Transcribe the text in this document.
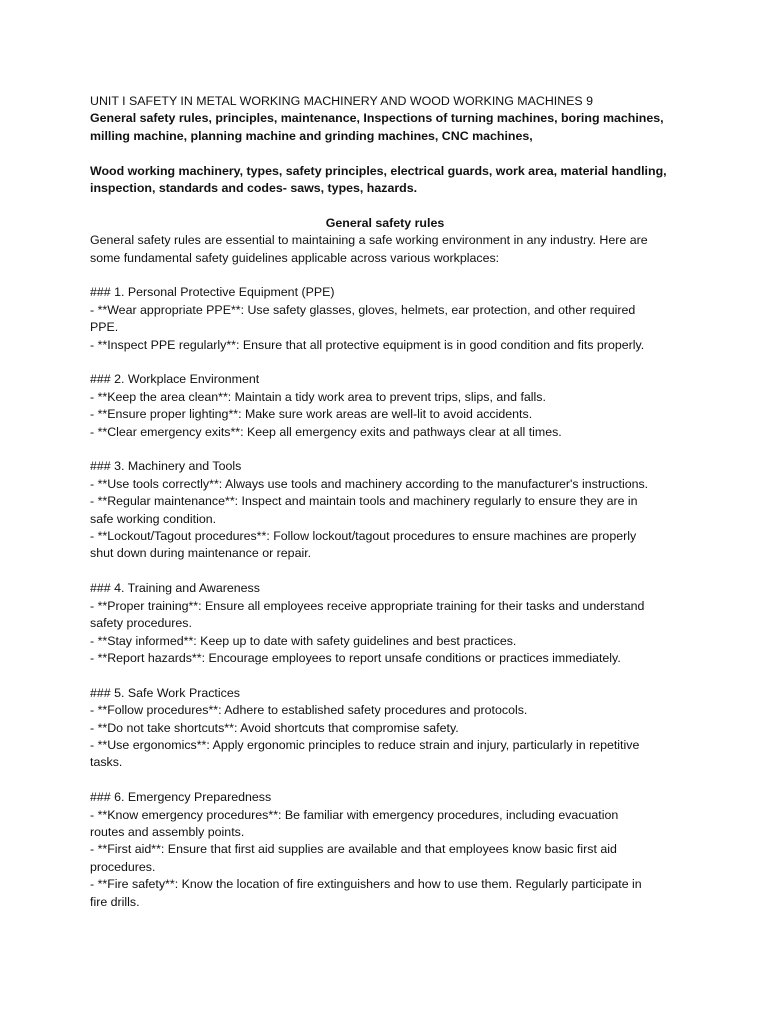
UNIT I SAFETY IN METAL WORKING MACHINERY AND WOOD WORKING MACHINES 9
General safety rules, principles, maintenance, Inspections of turning machines, boring machines,
milling machine, planning machine and grinding machines, CNC machines,
Wood working machinery, types, safety principles, electrical guards, work area, material handling,
inspection, standards and codes- saws, types, hazards.
General safety rules
General safety rules are essential to maintaining a safe working environment in any industry. Here are
some fundamental safety guidelines applicable across various workplaces:
### 1. Personal Protective Equipment (PPE)
- **Wear appropriate PPE**: Use safety glasses, gloves, helmets, ear protection, and other required
PPE.
- **Inspect PPE regularly**: Ensure that all protective equipment is in good condition and fits properly.
### 2. Workplace Environment
- **Keep the area clean**: Maintain a tidy work area to prevent trips, slips, and falls.
- **Ensure proper lighting**: Make sure work areas are well-lit to avoid accidents.
- **Clear emergency exits**: Keep all emergency exits and pathways clear at all times.
### 3. Machinery and Tools
- **Use tools correctly**: Always use tools and machinery according to the manufacturer's instructions.
- **Regular maintenance**: Inspect and maintain tools and machinery regularly to ensure they are in
safe working condition.
- **Lockout/Tagout procedures**: Follow lockout/tagout procedures to ensure machines are properly
shut down during maintenance or repair.
### 4. Training and Awareness
- **Proper training**: Ensure all employees receive appropriate training for their tasks and understand
safety procedures.
- **Stay informed**: Keep up to date with safety guidelines and best practices.
- **Report hazards**: Encourage employees to report unsafe conditions or practices immediately.
### 5. Safe Work Practices
- **Follow procedures**: Adhere to established safety procedures and protocols.
- **Do not take shortcuts**: Avoid shortcuts that compromise safety.
- **Use ergonomics**: Apply ergonomic principles to reduce strain and injury, particularly in repetitive
tasks.
### 6. Emergency Preparedness
- **Know emergency procedures**: Be familiar with emergency procedures, including evacuation
routes and assembly points.
- **First aid**: Ensure that first aid supplies are available and that employees know basic first aid
procedures.
- **Fire safety**: Know the location of fire extinguishers and how to use them. Regularly participate in
fire drills.
